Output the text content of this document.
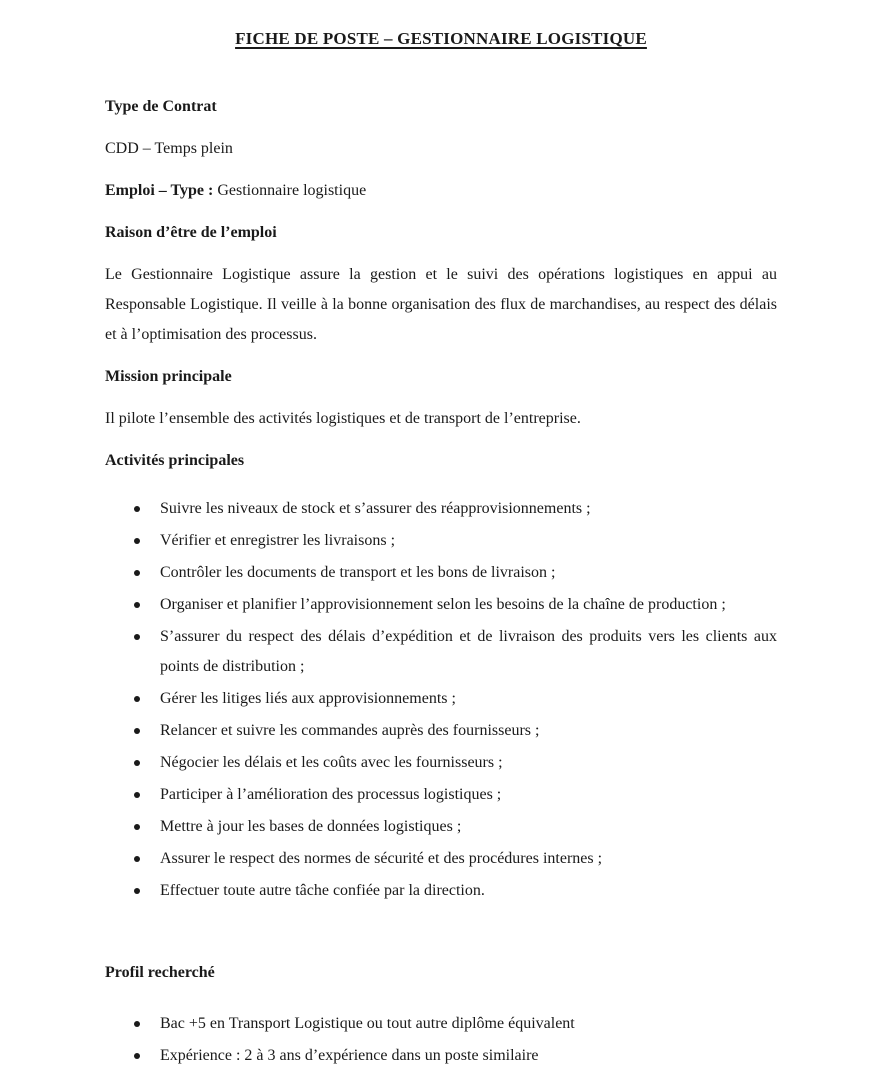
FICHE DE POSTE – GESTIONNAIRE LOGISTIQUE

Type de Contrat

CDD – Temps plein

Emploi – Type : Gestionnaire logistique

Raison d’être de l’emploi

Le Gestionnaire Logistique assure la gestion et le suivi des opérations logistiques en appui au Responsable Logistique. Il veille à la bonne organisation des flux de marchandises, au respect des délais et à l’optimisation des processus.

Mission principale

Il pilote l’ensemble des activités logistiques et de transport de l’entreprise.

Activités principales

Suivre les niveaux de stock et s’assurer des réapprovisionnements ;
Vérifier et enregistrer les livraisons ;
Contrôler les documents de transport et les bons de livraison ;
Organiser et planifier l’approvisionnement selon les besoins de la chaîne de production ;
S’assurer du respect des délais d’expédition et de livraison des produits vers les clients aux points de distribution ;
Gérer les litiges liés aux approvisionnements ;
Relancer et suivre les commandes auprès des fournisseurs ;
Négocier les délais et les coûts avec les fournisseurs ;
Participer à l’amélioration des processus logistiques ;
Mettre à jour les bases de données logistiques ;
Assurer le respect des normes de sécurité et des procédures internes ;
Effectuer toute autre tâche confiée par la direction.

Profil recherché

Bac +5 en Transport Logistique ou tout autre diplôme équivalent
Expérience : 2 à 3 ans d’expérience dans un poste similaire
